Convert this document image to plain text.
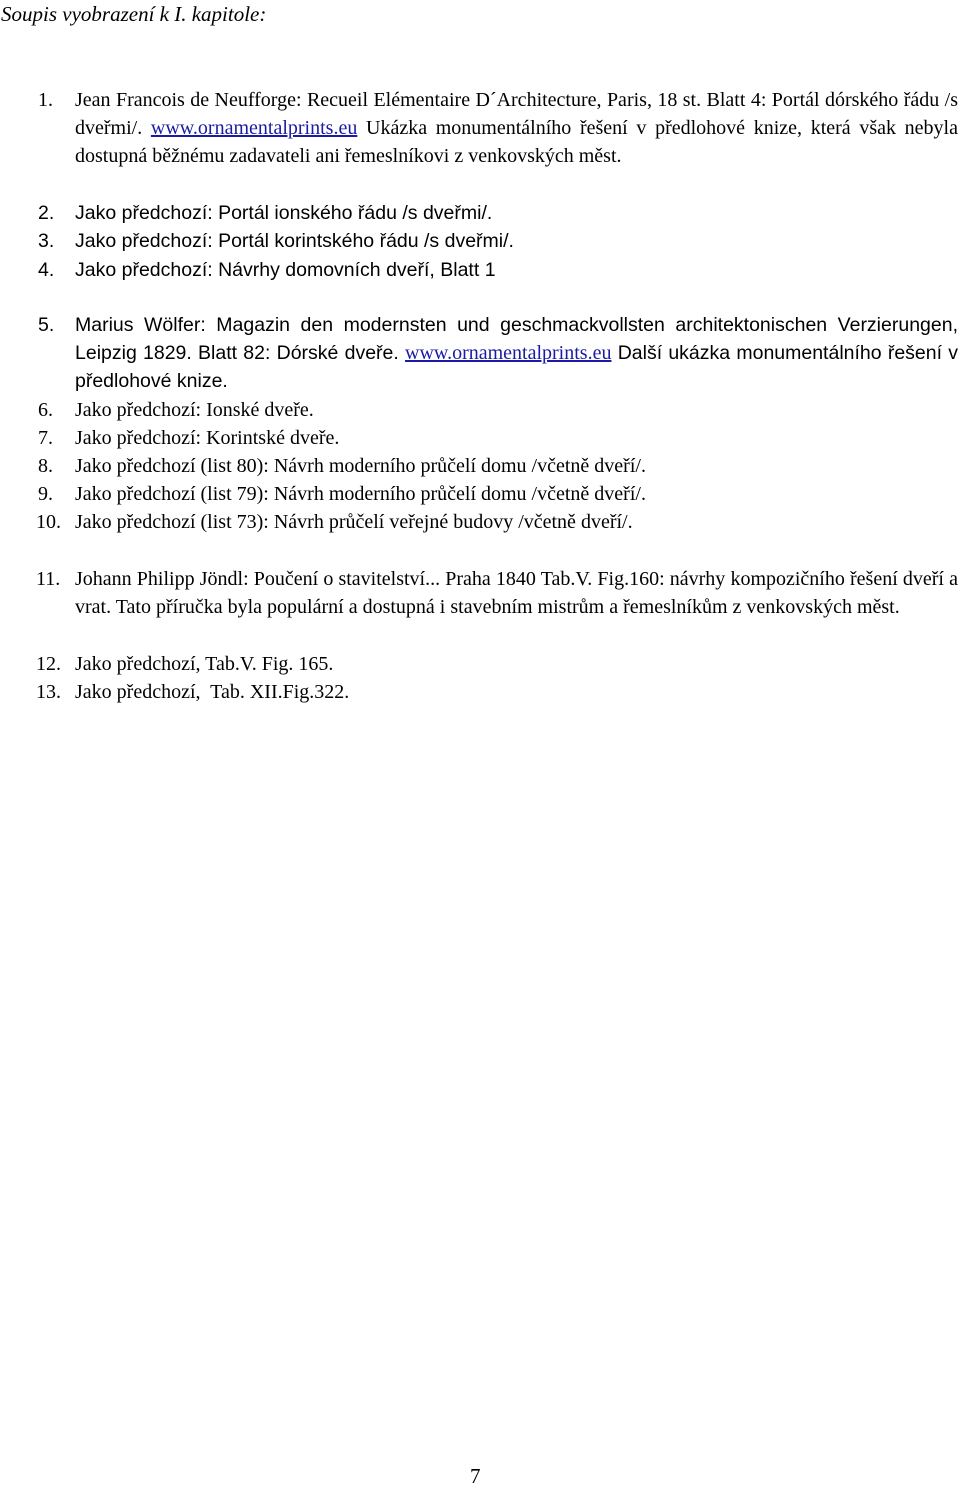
Soupis vyobrazení k I. kapitole:
1.	Jean Francois de Neufforge: Recueil Elémentaire D´Architecture, Paris, 18 st. Blatt 4: Portál dórského řádu /s dveřmi/. www.ornamentalprints.eu Ukázka monumentálního řešení v předlohové knize, která však nebyla dostupná běžnému zadavateli ani řemeslníkovi z venkovských měst.
2.	Jako předchozí: Portál ionského řádu /s dveřmi/.
3.	Jako předchozí: Portál korintského řádu /s dveřmi/.
4.	Jako předchozí: Návrhy domovních dveří, Blatt 1
5.	Marius Wölfer: Magazin den modernsten und geschmackvollsten architektonischen Verzierungen, Leipzig 1829. Blatt 82: Dórské dveře. www.ornamentalprints.eu Další ukázka monumentálního řešení v předlohové knize.
6.	Jako předchozí: Ionské dveře.
7.	Jako předchozí: Korintské dveře.
8.	Jako předchozí (list 80): Návrh moderního průčelí domu /včetně dveří/.
9.	Jako předchozí (list 79): Návrh moderního průčelí domu /včetně dveří/.
10. Jako předchozí (list 73): Návrh průčelí veřejné budovy /včetně dveří/.
11. Johann Philipp Jöndl: Poučení o stavitelství... Praha 1840 Tab.V. Fig.160: návrhy kompozičního řešení dveří a vrat. Tato příručka byla populární a dostupná i stavebním mistrům a řemeslníkům z venkovských měst.
12. Jako předchozí, Tab.V. Fig. 165.
13. Jako předchozí,  Tab. XII.Fig.322.
7
